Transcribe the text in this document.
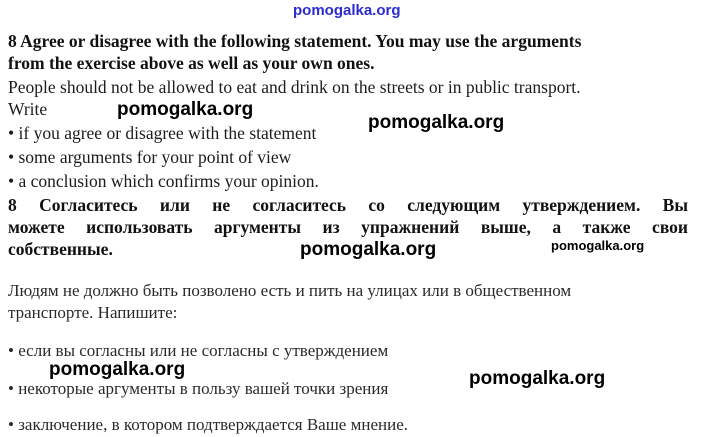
pomogalka.org
8 Agree or disagree with the following statement. You may use the arguments
from the exercise above as well as your own ones.
People should not be allowed to eat and drink on the streets or in public transport.
Write
• if you agree or disagree with the statement
• some arguments for your point of view
• a conclusion which confirms your opinion.
8 Согласитесь или не согласитесь со следующим утверждением. Вы
можете использовать аргументы из упражнений выше, а также свои
собственные.
Людям не должно быть позволено есть и пить на улицах или в общественном
транспорте. Напишите:
• если вы согласны или не согласны с утверждением
• некоторые аргументы в пользу вашей точки зрения
• заключение, в котором подтверждается Ваше мнение.
pomogalka.org
pomogalka.org
pomogalka.org	pomogalka.org
pomogalka.org	pomogalka.org
